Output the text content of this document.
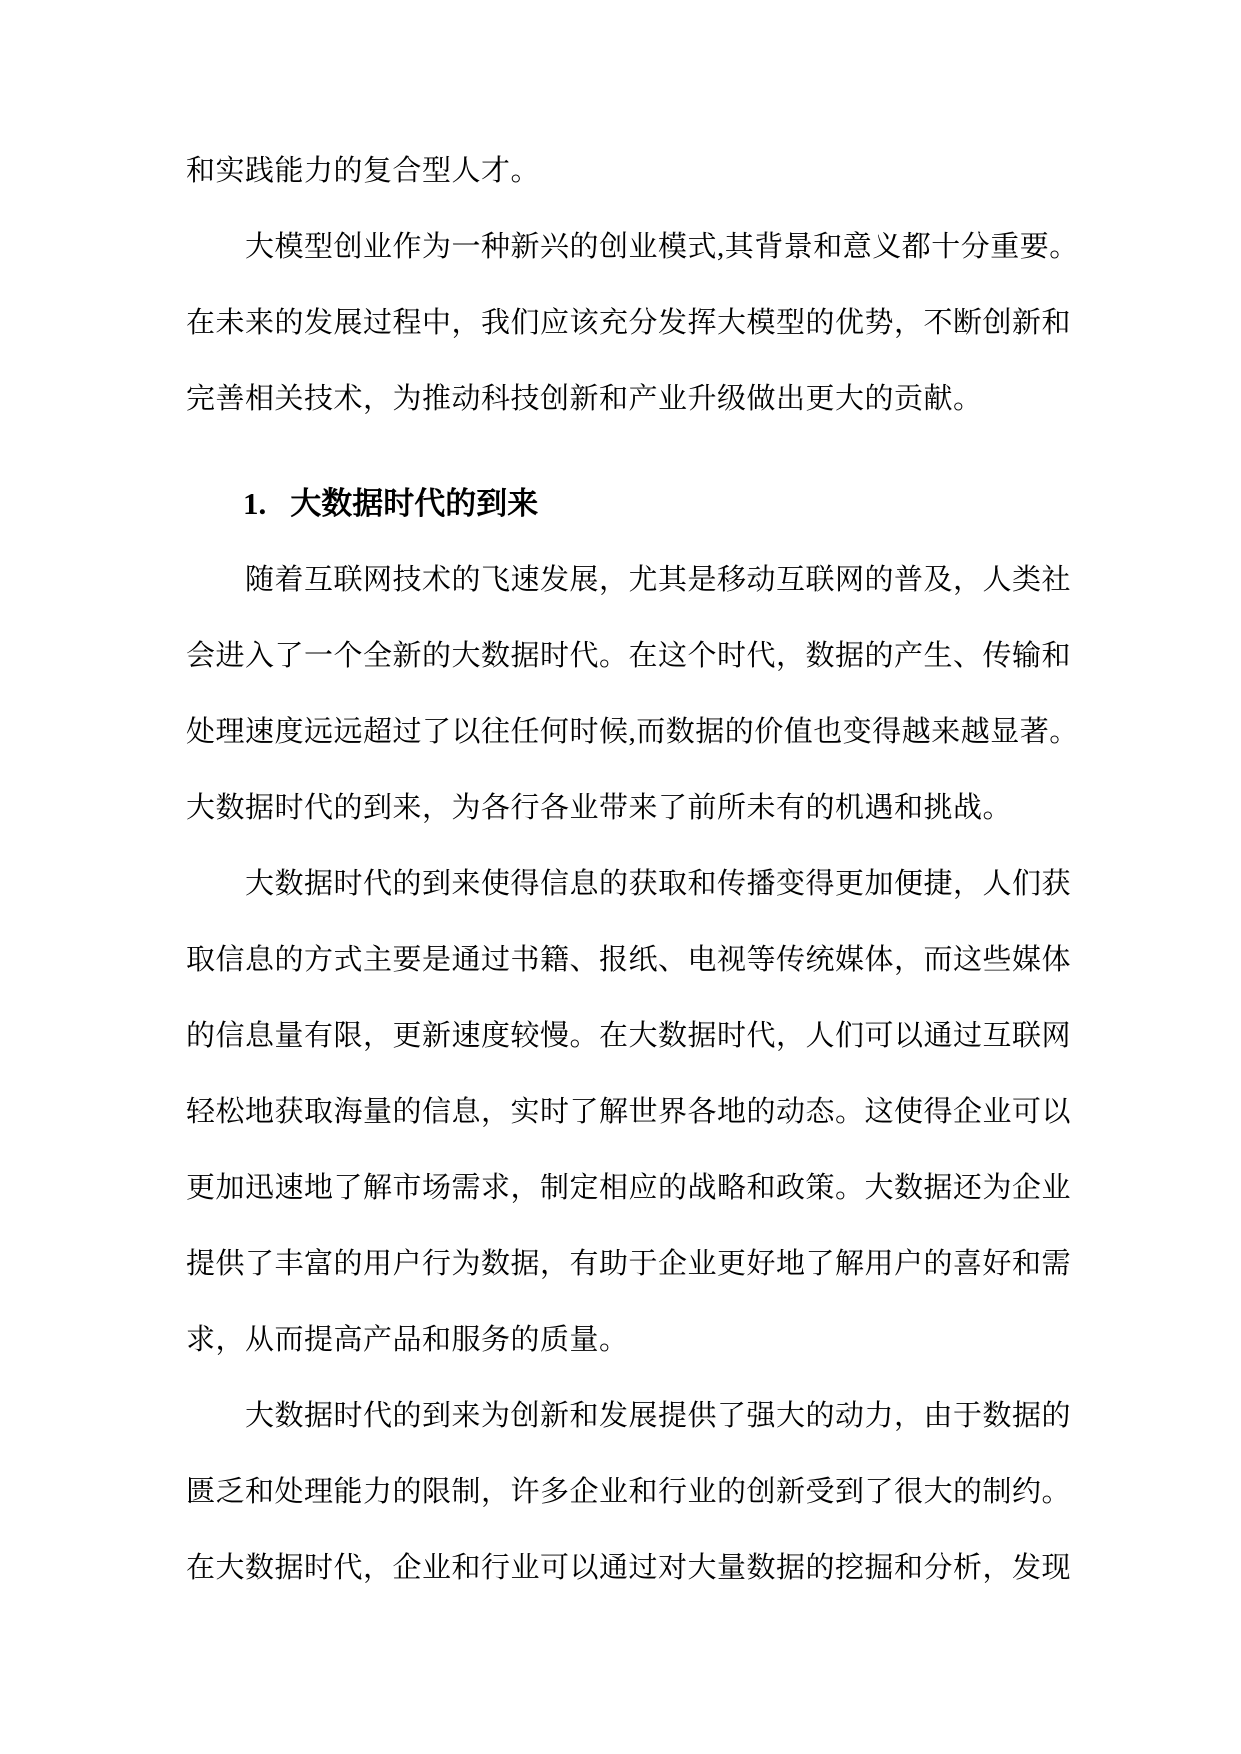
和实践能力的复合型人才。
大模型创业作为一种新兴的创业模式,其背景和意义都十分重要。
在未来的发展过程中，我们应该充分发挥大模型的优势，不断创新和
完善相关技术，为推动科技创新和产业升级做出更大的贡献。
1. 大数据时代的到来
随着互联网技术的飞速发展，尤其是移动互联网的普及，人类社
会进入了一个全新的大数据时代。在这个时代，数据的产生、传输和
处理速度远远超过了以往任何时候,而数据的价值也变得越来越显著。
大数据时代的到来，为各行各业带来了前所未有的机遇和挑战。
大数据时代的到来使得信息的获取和传播变得更加便捷，人们获
取信息的方式主要是通过书籍、报纸、电视等传统媒体，而这些媒体
的信息量有限，更新速度较慢。在大数据时代，人们可以通过互联网
轻松地获取海量的信息，实时了解世界各地的动态。这使得企业可以
更加迅速地了解市场需求，制定相应的战略和政策。大数据还为企业
提供了丰富的用户行为数据，有助于企业更好地了解用户的喜好和需
求，从而提高产品和服务的质量。
大数据时代的到来为创新和发展提供了强大的动力，由于数据的
匮乏和处理能力的限制，许多企业和行业的创新受到了很大的制约。
在大数据时代，企业和行业可以通过对大量数据的挖掘和分析，发现
